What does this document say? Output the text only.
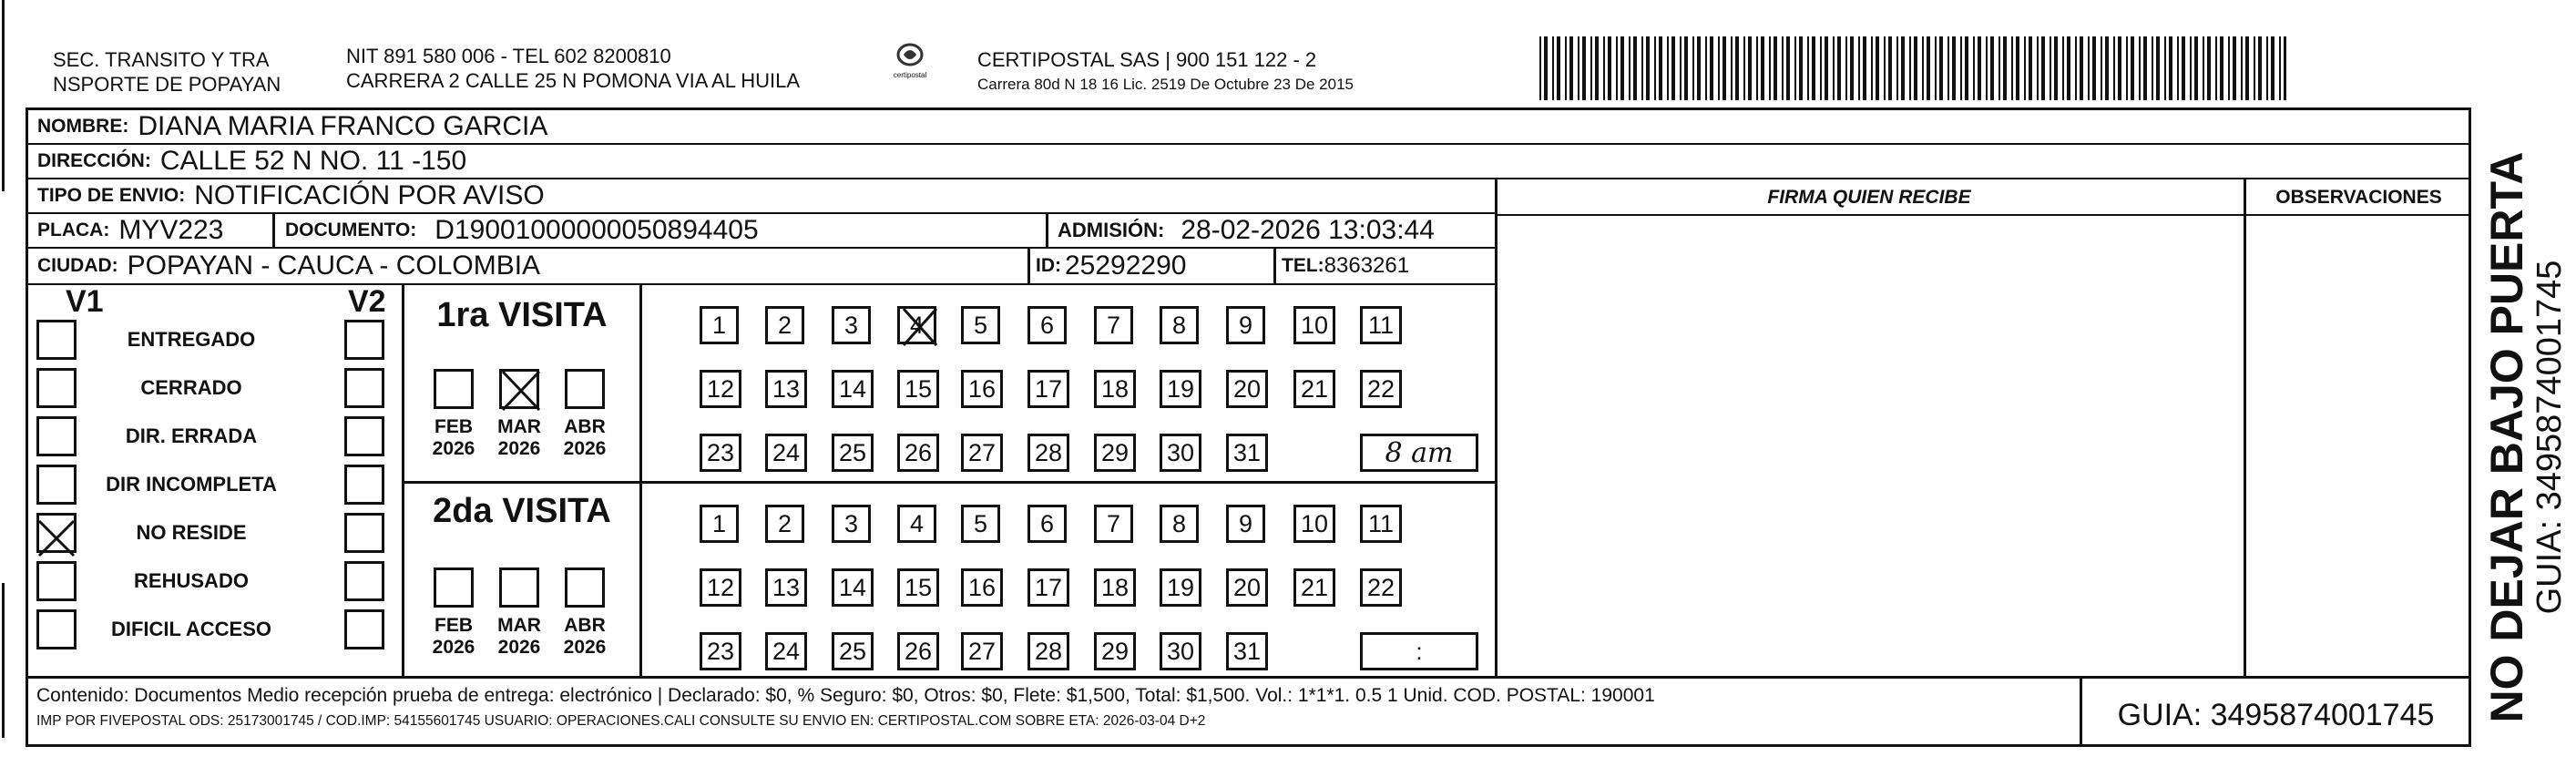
SEC. TRANSITO Y TRA
NSPORTE DE POPAYAN
NIT 891 580 006 - TEL 602 8200810
CARRERA 2 CALLE 25 N POMONA VIA AL HUILA	certipostal
CERTIPOSTAL SAS | 900 151 122 - 2
Carrera 80d N 18 16 Lic. 2519 De Octubre 23 De 2015
NOMBRE: DIANA MARIA FRANCO GARCIA
DIRECCIÓN: CALLE 52 N NO. 11 -150
TIPO DE ENVIO: NOTIFICACIÓN POR AVISO
PLACA: MYV223	DOCUMENTO: D19001000000050894405	ADMISIÓN: 28-02-2026 13:03:44
CIUDAD: POPAYAN - CAUCA - COLOMBIA	ID: 25292290	TEL: 8363261
FIRMA QUIEN RECIBE	OBSERVACIONES
V1	V2
ENTREGADO
CERRADO
DIR. ERRADA
DIR INCOMPLETA
NO RESIDE
REHUSADO
DIFICIL ACCESO
1ra VISITA
FEB
2026
MAR
2026
ABR
2026
1 2 3 4 5 6 7 8 9 10 11
12 13 14 15 16 17 18 19 20 21 22
23 24 25 26 27 28 29 30 31	8 am
2da VISITA
FEB
2026
MAR
2026
ABR
2026
1 2 3 4 5 6 7 8 9 10 11
12 13 14 15 16 17 18 19 20 21 22
23 24 25 26 27 28 29 30 31	:
Contenido: Documentos Medio recepción prueba de entrega: electrónico | Declarado: $0, % Seguro: $0, Otros: $0, Flete: $1,500, Total: $1,500. Vol.: 1*1*1. 0.5 1 Unid. COD. POSTAL: 190001
IMP POR FIVEPOSTAL ODS: 25173001745 / COD.IMP: 54155601745 USUARIO: OPERACIONES.CALI CONSULTE SU ENVIO EN: CERTIPOSTAL.COM SOBRE ETA: 2026-03-04 D+2	GUIA: 3495874001745	NO DEJAR BAJO PUERTA
GUIA: 3495874001745
